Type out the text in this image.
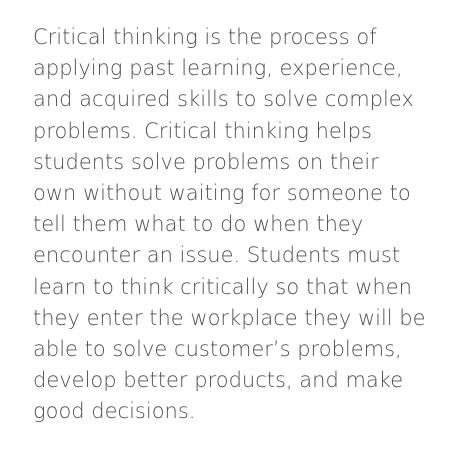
Critical thinking is the process of
applying past learning, experience,
and acquired skills to solve complex
problems. Critical thinking helps
students solve problems on their
own without waiting for someone to
tell them what to do when they
encounter an issue. Students must
learn to think critically so that when
they enter the workplace they will be
able to solve customer’s problems,
develop better products, and make
good decisions.
